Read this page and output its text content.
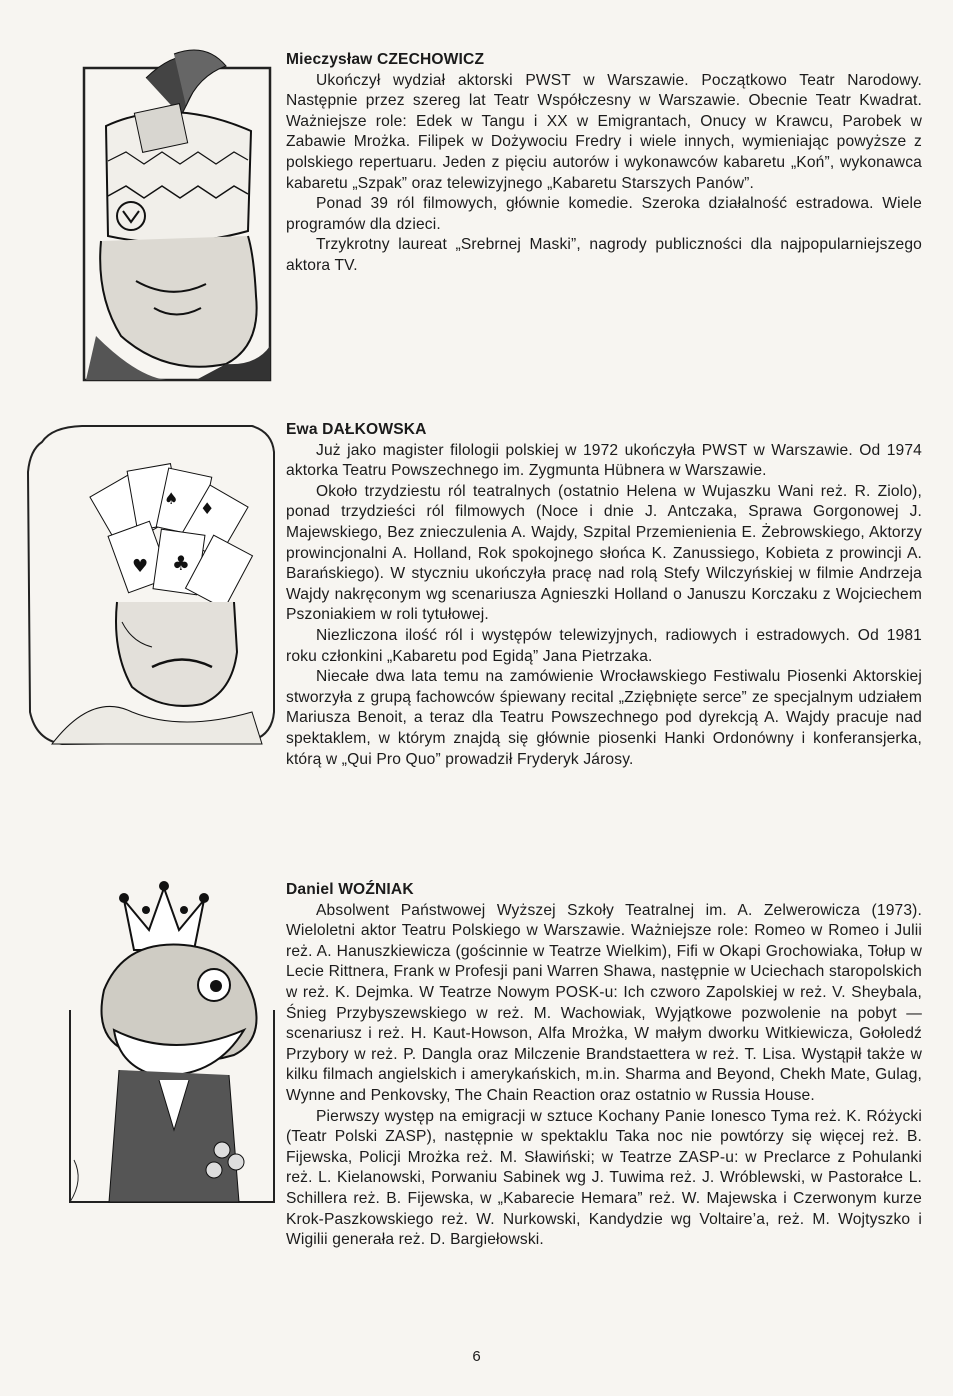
♣
♥
♦
♠
Mieczysław CZECHOWICZ

Ukończył wydział aktorski PWST w Warszawie. Początkowo Teatr Narodowy. Następnie przez szereg lat Teatr Współczesny w Warszawie. Obecnie Teatr Kwadrat. Ważniejsze role: Edek w Tangu i XX w Emigrantach, Onucy w Krawcu, Parobek w Zabawie Mrożka. Filipek w Dożywociu Fredry i wiele innych, wymieniając powyższe z polskiego repertuaru. Jeden z pięciu autorów i wykonawców kabaretu „Koń”, wykonawca kabaretu „Szpak” oraz telewizyjnego „Kabaretu Starszych Panów”.

Ponad 39 ról filmowych, głównie komedie. Szeroka działalność estradowa. Wiele programów dla dzieci.

Trzykrotny laureat „Srebrnej Maski”, nagrody publiczności dla najpopularniejszego aktora TV.

Ewa DAŁKOWSKA

Już jako magister filologii polskiej w 1972 ukończyła PWST w Warszawie. Od 1974 aktorka Teatru Powszechnego im. Zygmunta Hübnera w Warszawie.

Około trzydziestu ról teatralnych (ostatnio Helena w Wujaszku Wani reż. R. Ziolo), ponad trzydzieści ról filmowych (Noce i dnie J. Antczaka, Sprawa Gorgonowej J. Majewskiego, Bez znieczulenia A. Wajdy, Szpital Przemienienia E. Żebrowskiego, Aktorzy prowincjonalni A. Holland, Rok spokojnego słońca K. Zanussiego, Kobieta z prowincji A. Barańskiego). W styczniu ukończyła pracę nad rolą Stefy Wilczyńskiej w filmie Andrzeja Wajdy nakręconym wg scenariusza Agnieszki Holland o Januszu Korczaku z Wojciechem Pszoniakiem w roli tytułowej.

Niezliczona ilość ról i występów telewizyjnych, radiowych i estradowych. Od 1981 roku członkini „Kabaretu pod Egidą” Jana Pietrzaka.

Niecałe dwa lata temu na zamówienie Wrocławskiego Festiwalu Piosenki Aktorskiej stworzyła z grupą fachowców śpiewany recital „Zziębnięte serce” ze specjalnym udziałem Mariusza Benoit, a teraz dla Teatru Powszechnego pod dyrekcją A. Wajdy pracuje nad spektaklem, w którym znajdą się głównie piosenki Hanki Ordonówny i konferansjerka, którą w „Qui Pro Quo” prowadził Fryderyk Járosy.

Daniel WOŹNIAK

Absolwent Państwowej Wyższej Szkoły Teatralnej im. A. Zelwerowicza (1973). Wieloletni aktor Teatru Polskiego w Warszawie. Ważniejsze role: Romeo w Romeo i Julii reż. A. Hanuszkiewicza (gościnnie w Teatrze Wielkim), Fifi w Okapi Grochowiaka, Tołup w Lecie Rittnera, Frank w Profesji pani Warren Shawa, następnie w Uciechach staropolskich w reż. K. Dejmka. W Teatrze Nowym POSK-u: Ich czworo Zapolskiej w reż. V. Sheybala, Śnieg Przybyszewskiego w reż. M. Wachowiak, Wyjątkowe pozwolenie na pobyt — scenariusz i reż. H. Kaut-Howson, Alfa Mrożka, W małym dworku Witkiewicza, Gołoledź Przybory w reż. P. Dangla oraz Milczenie Brandstaettera w reż. T. Lisa. Wystąpił także w kilku filmach angielskich i amerykańskich, m.in. Sharma and Beyond, Chekh Mate, Gulag, Wynne and Penkovsky, The Chain Reaction oraz ostatnio w Russia House.

Pierwszy występ na emigracji w sztuce Kochany Panie Ionesco Tyma reż. K. Różycki (Teatr Polski ZASP), następnie w spektaklu Taka noc nie powtórzy się więcej reż. B. Fijewska, Policji Mrożka reż. M. Sławiński; w Teatrze ZASP-u: w Preclarce z Pohulanki reż. L. Kielanowski, Porwaniu Sabinek wg J. Tuwima reż. J. Wróblewski, w Pastorałce L. Schillera reż. B. Fijewska, w „Kabarecie Hemara” reż. W. Majewska i Czerwonym kurze Krok-Paszkowskiego reż. W. Nurkowski, Kandydzie wg Voltaire’a, reż. M. Wojtyszko i Wigilii generała reż. D. Bargiełowski.

6
